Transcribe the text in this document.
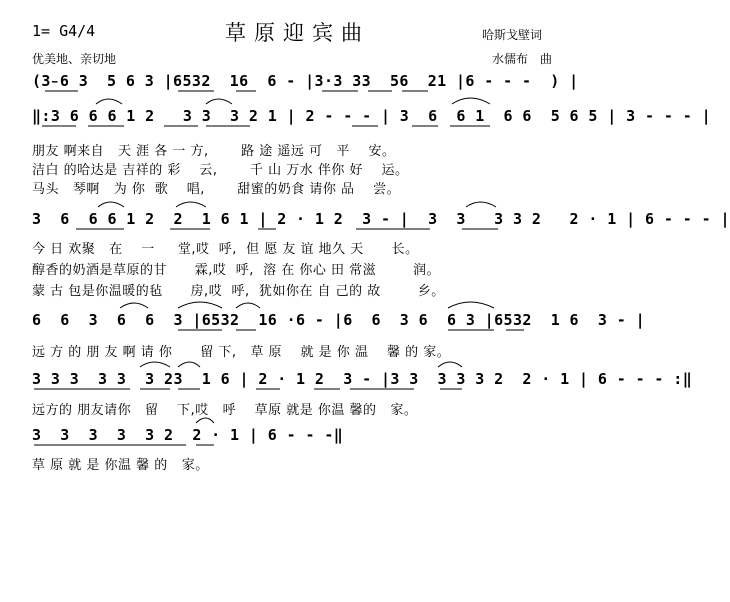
1= G4/4	草原迎宾曲	哈斯戈壁词
优美地、亲切地	水儒布　曲
(3̵6 3  5 6 3 |6532  16  6 - |3·3 33  56  21 |6 - - -  ) |
‖:3 6 6 6 1 2   3 3  3 2 1 | 2 - - - | 3  6  6 1  6 6  5 6 5 | 3 - - - |
朋友 啊来自   天 涯 各 一 方,       路 途 遥远 可   平    安。
洁白 的哈达是 吉祥的 彩    云,       千 山 万水 伴你 好    运。
马头   琴啊   为 你  歌    唱,       甜蜜的奶食 请你 品    尝。
3  6  6 6 1 2  2  1 6 1 | 2 · 1 2  3 - |  3  3   3 3 2   2 · 1 | 6 - - - |
今 日 欢聚   在    一     堂,哎  呼,  但 愿 友 谊 地久 天      长。
醇香的奶酒是草原的甘      霖,哎  呼,  溶 在 你心 田 常滋        润。
蒙 古 包是你温暖的毡      房,哎  呼,  犹如你在 自 己的 故        乡。
6  6  3  6  6  3 |6532  16 ·6 - |6  6  3 6  6 3 |6532  1 6  3 - |
远 方 的 朋 友 啊 请 你      留 下,   草 原    就 是 你 温    馨 的 家。
3 3 3  3 3  3 23  1 6 | 2 · 1 2  3 - |3 3  3 3 3 2  2 · 1 | 6 - - - :‖
远方的 朋友请你   留    下,哎   呼    草原 就是 你温 馨的   家。
3  3  3  3  3 2  2 · 1 | 6 - - -‖
草 原 就 是 你温 馨 的   家。
